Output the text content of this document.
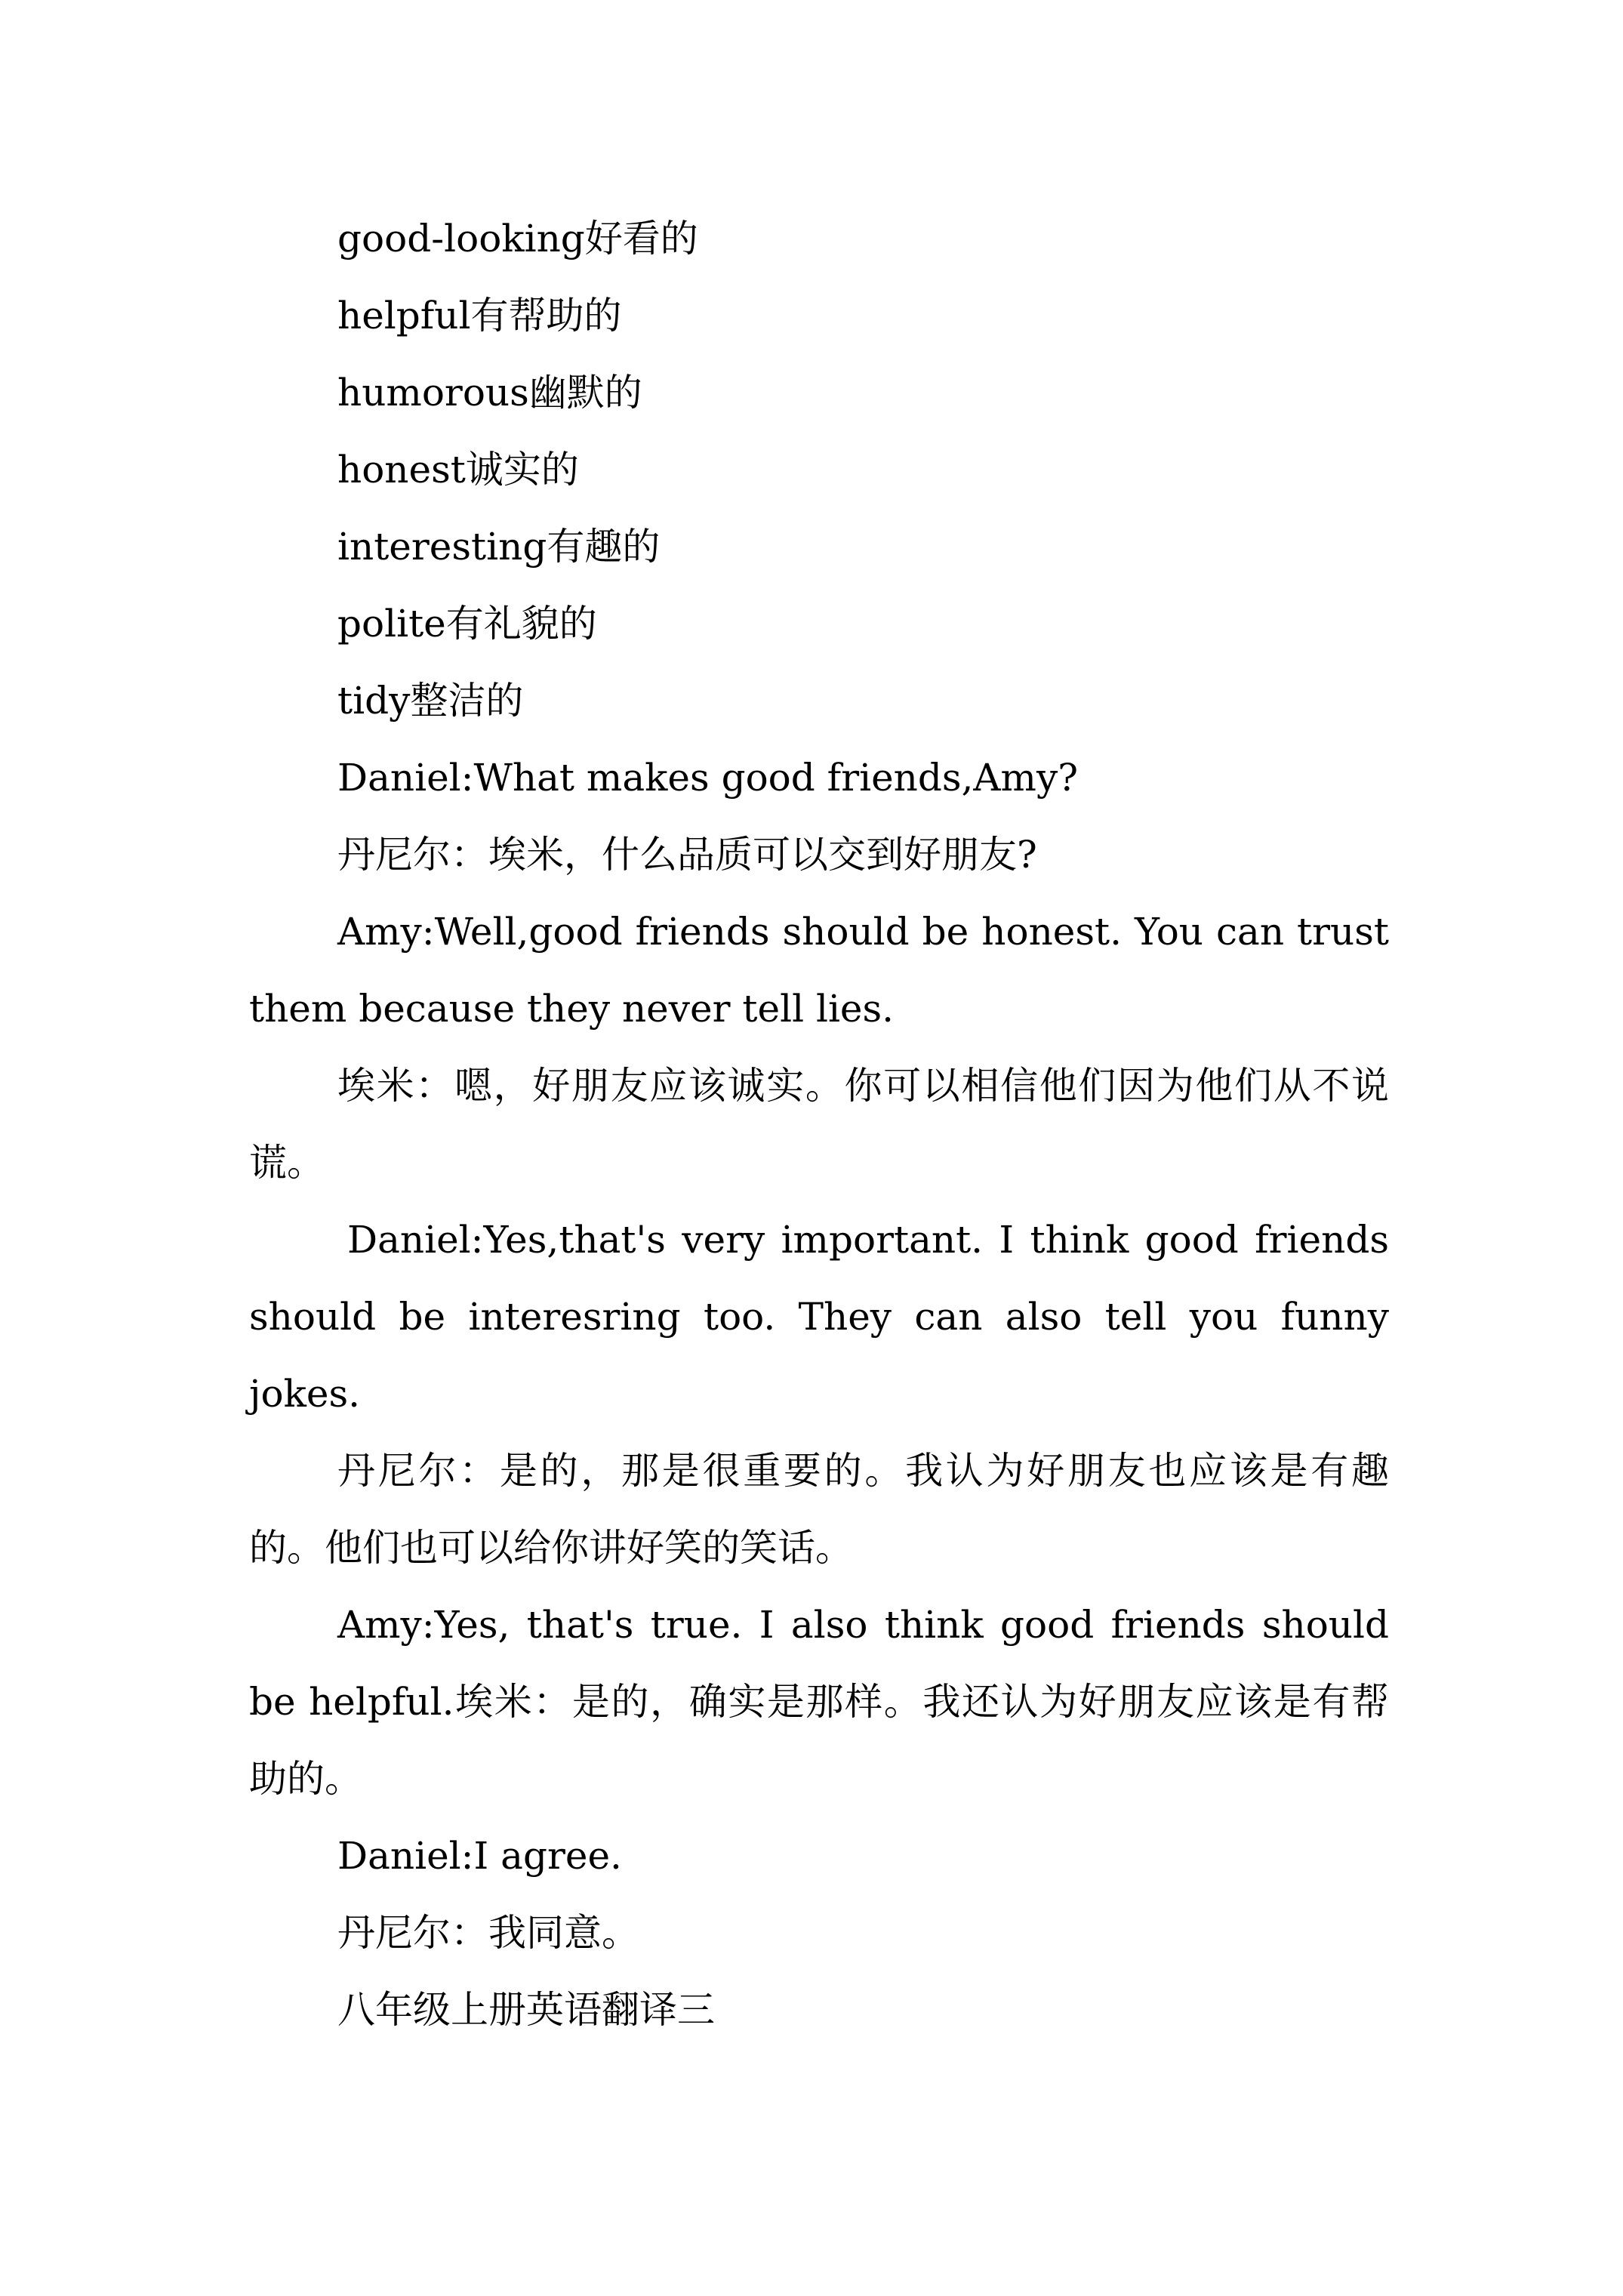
good-looking好看的

helpful有帮助的

humorous幽默的

honest诚实的

interesting有趣的

polite有礼貌的

tidy整洁的

Daniel:What makes good friends,Amy?

丹尼尔：埃米，什么品质可以交到好朋友?

Amy:Well,good friends should be honest. You can trust them because they never tell lies.

埃米：嗯，好朋友应该诚实。你可以相信他们因为他们从不说谎。

Daniel:Yes,that's very important. I think good friends should be interesring too. They can also tell you funny jokes.

丹尼尔：是的，那是很重要的。我认为好朋友也应该是有趣的。他们也可以给你讲好笑的笑话。

Amy:Yes, that's true. I also think good friends should be helpful.埃米：是的，确实是那样。我还认为好朋友应该是有帮助的。

Daniel:I agree.

丹尼尔：我同意。

八年级上册英语翻译三
